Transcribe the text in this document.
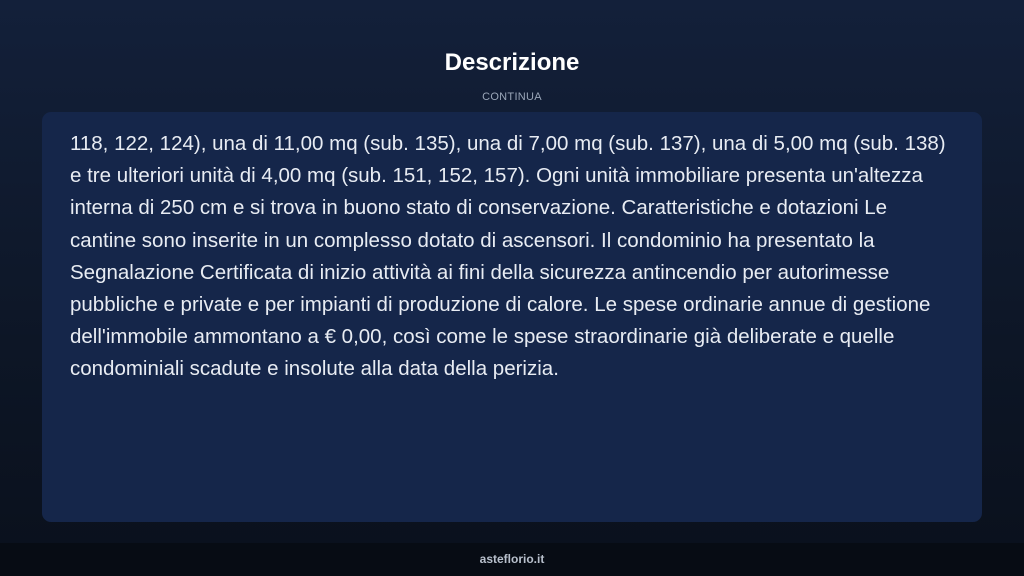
Descrizione
CONTINUA

118, 122, 124), una di 11,00 mq (sub. 135), una di 7,00 mq (sub. 137), una di 5,00 mq (sub. 138) e tre ulteriori unità di 4,00 mq (sub. 151, 152, 157). Ogni unità immobiliare presenta un'altezza interna di 250 cm e si trova in buono stato di conservazione. Caratteristiche e dotazioni Le cantine sono inserite in un complesso dotato di ascensori. Il condominio ha presentato la Segnalazione Certificata di inizio attività ai fini della sicurezza antincendio per autorimesse pubbliche e private e per impianti di produzione di calore. Le spese ordinarie annue di gestione dell'immobile ammontano a € 0,00, così come le spese straordinarie già deliberate e quelle condominiali scadute e insolute alla data della perizia.

asteflorio.it
